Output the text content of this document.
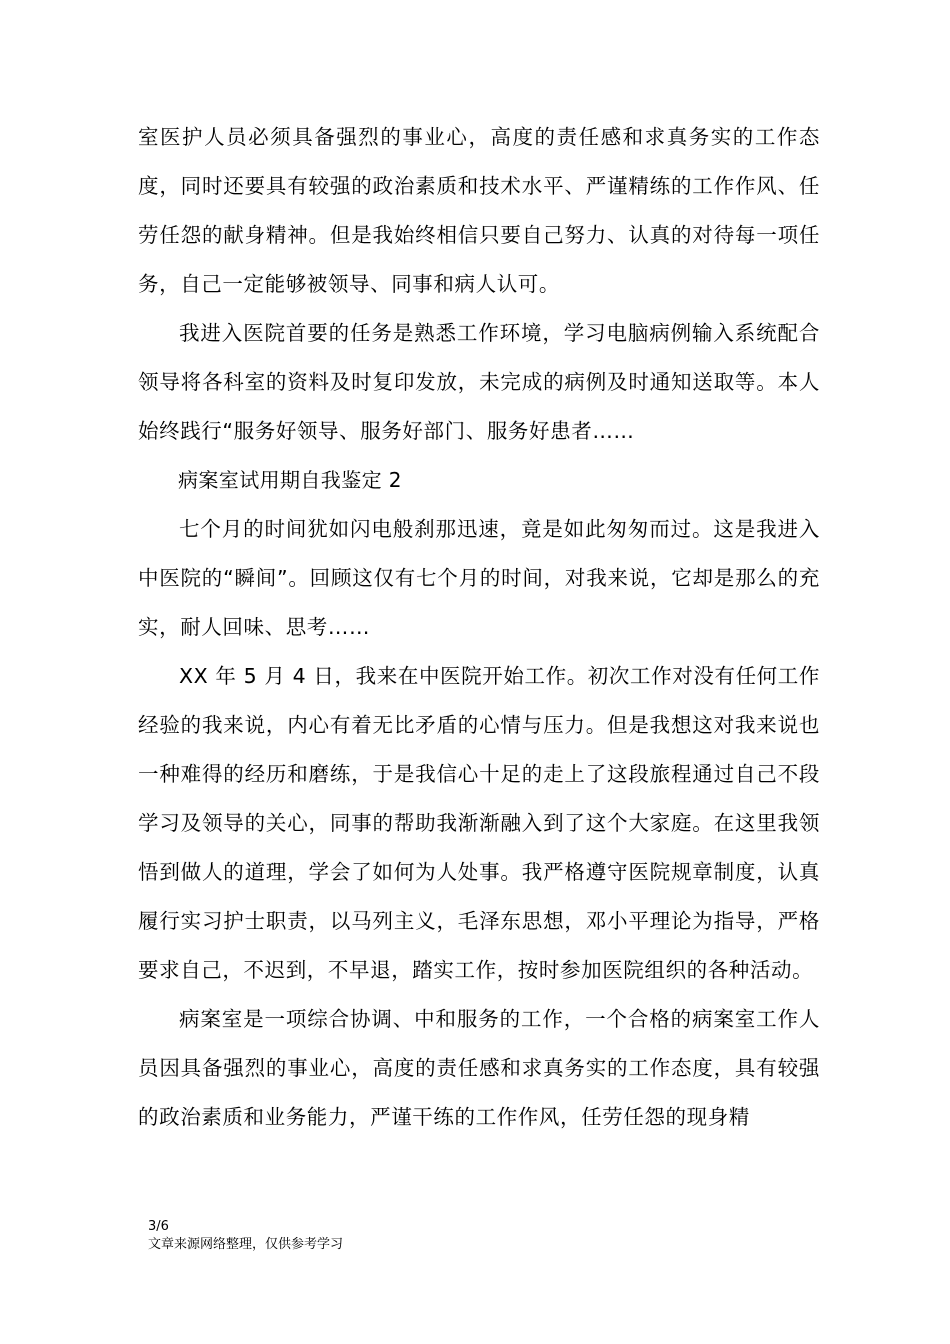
室医护人员必须具备强烈的事业心，高度的责任感和求真务实的工作态度，同时还要具有较强的政治素质和技术水平、严谨精练的工作作风、任劳任怨的献身精神。但是我始终相信只要自己努力、认真的对待每一项任务，自己一定能够被领导、同事和病人认可。

我进入医院首要的任务是熟悉工作环境，学习电脑病例输入系统配合领导将各科室的资料及时复印发放，未完成的病例及时通知送取等。本人始终践行“服务好领导、服务好部门、服务好患者……

病案室试用期自我鉴定 2

七个月的时间犹如闪电般刹那迅速，竟是如此匆匆而过。这是我进入中医院的“瞬间”。回顾这仅有七个月的时间，对我来说，它却是那么的充实，耐人回味、思考……

XX 年 5 月 4 日，我来在中医院开始工作。初次工作对没有任何工作经验的我来说，内心有着无比矛盾的心情与压力。但是我想这对我来说也一种难得的经历和磨练，于是我信心十足的走上了这段旅程通过自己不段学习及领导的关心，同事的帮助我渐渐融入到了这个大家庭。在这里我领悟到做人的道理，学会了如何为人处事。我严格遵守医院规章制度，认真履行实习护士职责，以马列主义，毛泽东思想，邓小平理论为指导，严格要求自己，不迟到，不早退，踏实工作，按时参加医院组织的各种活动。

病案室是一项综合协调、中和服务的工作，一个合格的病案室工作人员因具备强烈的事业心，高度的责任感和求真务实的工作态度，具有较强的政治素质和业务能力，严谨干练的工作作风，任劳任怨的现身精

3/6
文章来源网络整理，仅供参考学习
